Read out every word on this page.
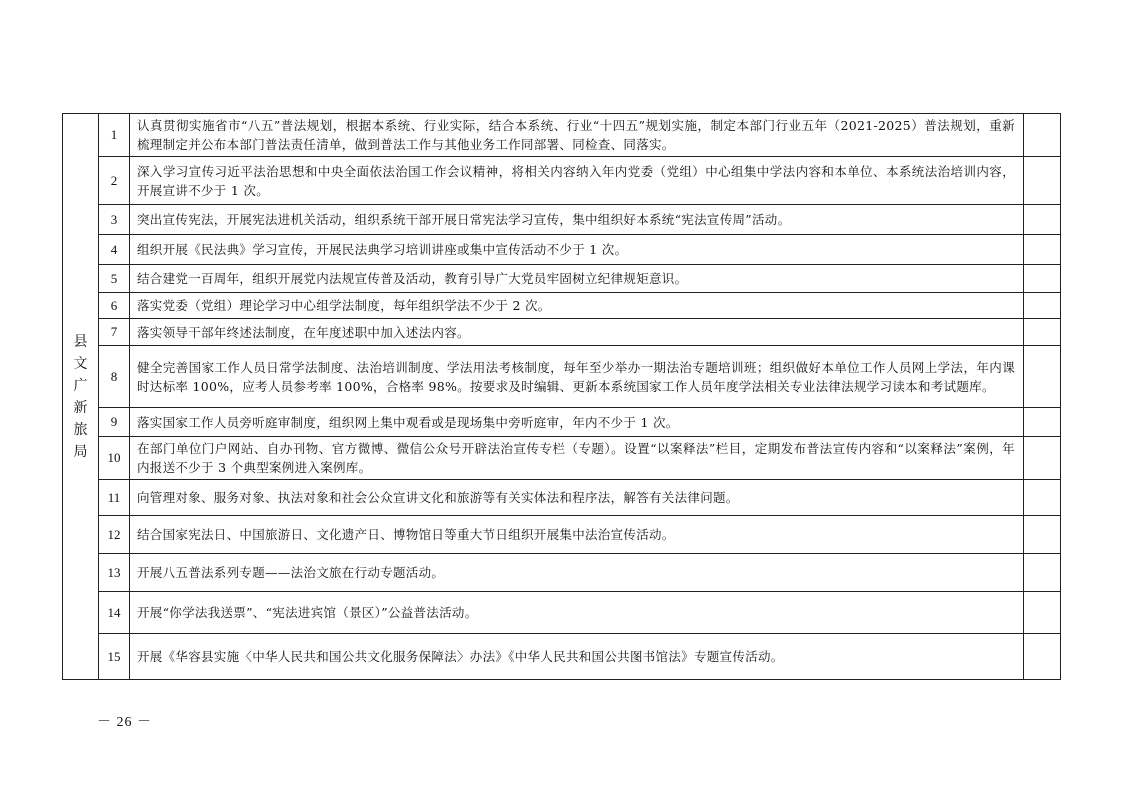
县文广新旅局	1	认真贯彻实施省市“八五”普法规划，根据本系统、行业实际，结合本系统、行业“十四五”规划实施，制定本部门行业五年（2021-2025）普法规划，重新梳理制定并公布本部门普法责任清单，做到普法工作与其他业务工作同部署、同检查、同落实。	
	2	深入学习宣传习近平法治思想和中央全面依法治国工作会议精神，将相关内容纳入年内党委（党组）中心组集中学法内容和本单位、本系统法治培训内容，开展宣讲不少于 1 次。	
	3	突出宣传宪法，开展宪法进机关活动，组织系统干部开展日常宪法学习宣传，集中组织好本系统“宪法宣传周”活动。	
	4	组织开展《民法典》学习宣传，开展民法典学习培训讲座或集中宣传活动不少于 1 次。	
	5	结合建党一百周年，组织开展党内法规宣传普及活动，教育引导广大党员牢固树立纪律规矩意识。	
	6	落实党委（党组）理论学习中心组学法制度，每年组织学法不少于 2 次。	
	7	落实领导干部年终述法制度，在年度述职中加入述法内容。	
	8	健全完善国家工作人员日常学法制度、法治培训制度、学法用法考核制度，每年至少举办一期法治专题培训班；组织做好本单位工作人员网上学法，年内课时达标率 100%，应考人员参考率 100%，合格率 98%。按要求及时编辑、更新本系统国家工作人员年度学法相关专业法律法规学习读本和考试题库。	
	9	落实国家工作人员旁听庭审制度，组织网上集中观看或是现场集中旁听庭审，年内不少于 1 次。	
	10	在部门单位门户网站、自办刊物、官方微博、微信公众号开辟法治宣传专栏（专题）。设置“以案释法”栏目，定期发布普法宣传内容和“以案释法”案例，年内报送不少于 3 个典型案例进入案例库。	
	11	向管理对象、服务对象、执法对象和社会公众宣讲文化和旅游等有关实体法和程序法，解答有关法律问题。	
	12	结合国家宪法日、中国旅游日、文化遗产日、博物馆日等重大节日组织开展集中法治宣传活动。	
	13	开展八五普法系列专题——法治文旅在行动专题活动。	
	14	开展“你学法我送票”、“宪法进宾馆（景区）”公益普法活动。	
	15	开展《华容县实施〈中华人民共和国公共文化服务保障法〉办法》《中华人民共和国公共图书馆法》专题宣传活动。	
－ 26 －
